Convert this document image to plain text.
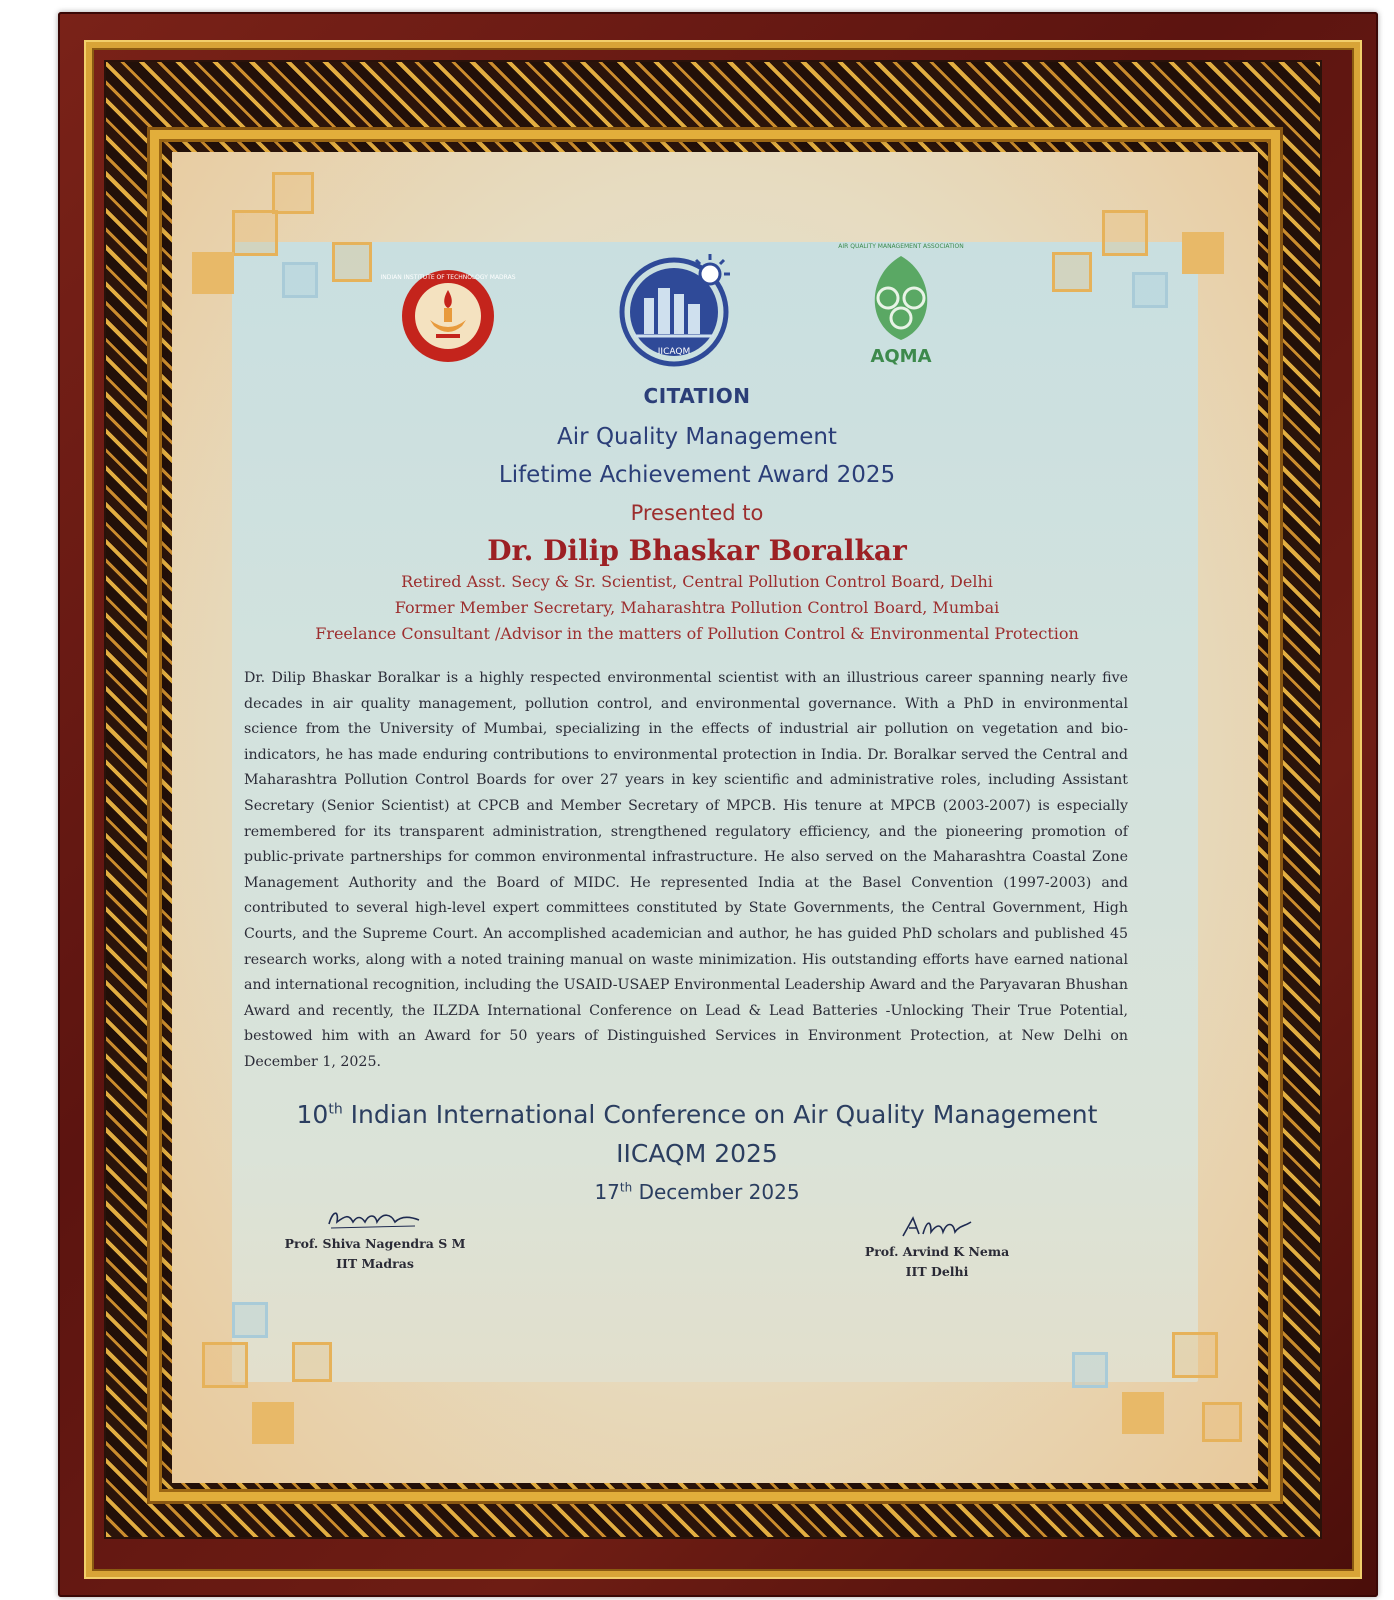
INDIAN INSTITUTE OF TECHNOLOGY MADRAS
IICAQM	AQMA
AIR QUALITY MANAGEMENT ASSOCIATION
CITATION
Air Quality Management
Lifetime Achievement Award 2025
Presented to
Dr. Dilip Bhaskar Boralkar
Retired Asst. Secy & Sr. Scientist, Central Pollution Control Board, Delhi
Former Member Secretary, Maharashtra Pollution Control Board, Mumbai
Freelance Consultant /Advisor in the matters of Pollution Control & Environmental Protection
Dr. Dilip Bhaskar Boralkar is a highly respected environmental scientist with an illustrious career spanning nearly five decades in air quality management, pollution control, and environmental governance. With a PhD in environmental science from the University of Mumbai, specializing in the effects of industrial air pollution on vegetation and bio-indicators, he has made enduring contributions to environmental protection in India. Dr. Boralkar served the Central and Maharashtra Pollution Control Boards for over 27 years in key scientific and administrative roles, including Assistant Secretary (Senior Scientist) at CPCB and Member Secretary of MPCB. His tenure at MPCB (2003-2007) is especially remembered for its transparent administration, strengthened regulatory efficiency, and the pioneering promotion of public-private partnerships for common environmental infrastructure. He also served on the Maharashtra Coastal Zone Management Authority and the Board of MIDC. He represented India at the Basel Convention (1997-2003) and contributed to several high-level expert committees constituted by State Governments, the Central Government, High Courts, and the Supreme Court. An accomplished academician and author, he has guided PhD scholars and published 45 research works, along with a noted training manual on waste minimization. His outstanding efforts have earned national and international recognition, including the USAID-USAEP Environmental Leadership Award and the Paryavaran Bhushan Award and recently, the ILZDA International Conference on Lead & Lead Batteries -Unlocking Their True Potential, bestowed him with an Award for 50 years of Distinguished Services in Environment Protection, at New Delhi on December 1, 2025.
10th Indian International Conference on Air Quality Management
IICAQM 2025
17th December 2025
Prof. Shiva Nagendra S M
IIT Madras
Prof. Arvind K Nema
IIT Delhi
